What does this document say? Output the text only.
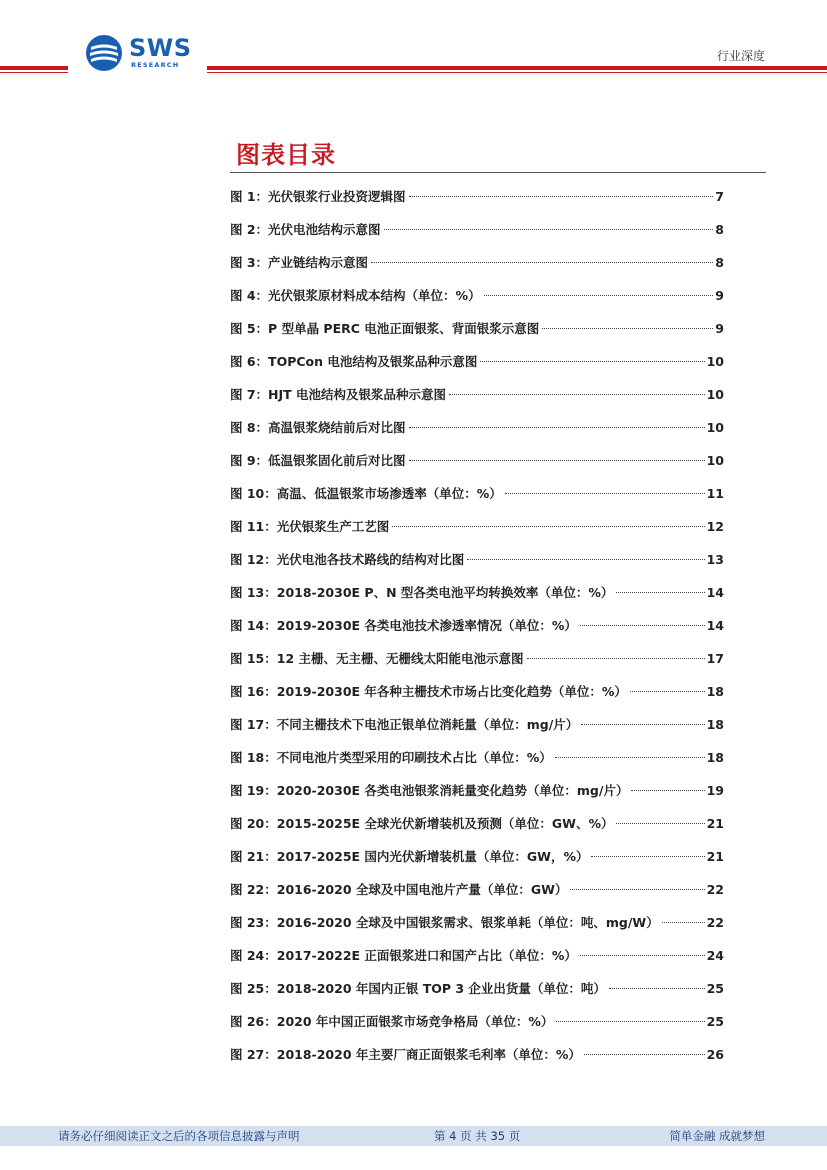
SWS
RESEARCH
行业深度
图表目录
图 1：光伏银浆行业投资逻辑图	7
图 2：光伏电池结构示意图	8
图 3：产业链结构示意图	8
图 4：光伏银浆原材料成本结构（单位：%）	9
图 5：P 型单晶 PERC 电池正面银浆、背面银浆示意图	9
图 6：TOPCon 电池结构及银浆品种示意图	10
图 7：HJT 电池结构及银浆品种示意图	10
图 8：高温银浆烧结前后对比图	10
图 9：低温银浆固化前后对比图	10
图 10：高温、低温银浆市场渗透率（单位：%）	11
图 11：光伏银浆生产工艺图	12
图 12：光伏电池各技术路线的结构对比图	13
图 13：2018-2030E P、N 型各类电池平均转换效率（单位：%）	14
图 14：2019-2030E 各类电池技术渗透率情况（单位：%）	14
图 15：12 主栅、无主栅、无栅线太阳能电池示意图	17
图 16：2019-2030E 年各种主栅技术市场占比变化趋势（单位：%）	18
图 17：不同主栅技术下电池正银单位消耗量（单位：mg/片）	18
图 18：不同电池片类型采用的印刷技术占比（单位：%）	18
图 19：2020-2030E 各类电池银浆消耗量变化趋势（单位：mg/片）	19
图 20：2015-2025E 全球光伏新增装机及预测（单位：GW、%）	21
图 21：2017-2025E 国内光伏新增装机量（单位：GW，%）	21
图 22：2016-2020 全球及中国电池片产量（单位：GW）	22
图 23：2016-2020 全球及中国银浆需求、银浆单耗（单位：吨、mg/W）	22
图 24：2017-2022E 正面银浆进口和国产占比（单位：%）	24
图 25：2018-2020 年国内正银 TOP 3 企业出货量（单位：吨）	25
图 26：2020 年中国正面银浆市场竞争格局（单位：%）	25
图 27：2018-2020 年主要厂商正面银浆毛利率（单位：%）	26
请务必仔细阅读正文之后的各项信息披露与声明	第 4 页 共 35 页	简单金融 成就梦想
